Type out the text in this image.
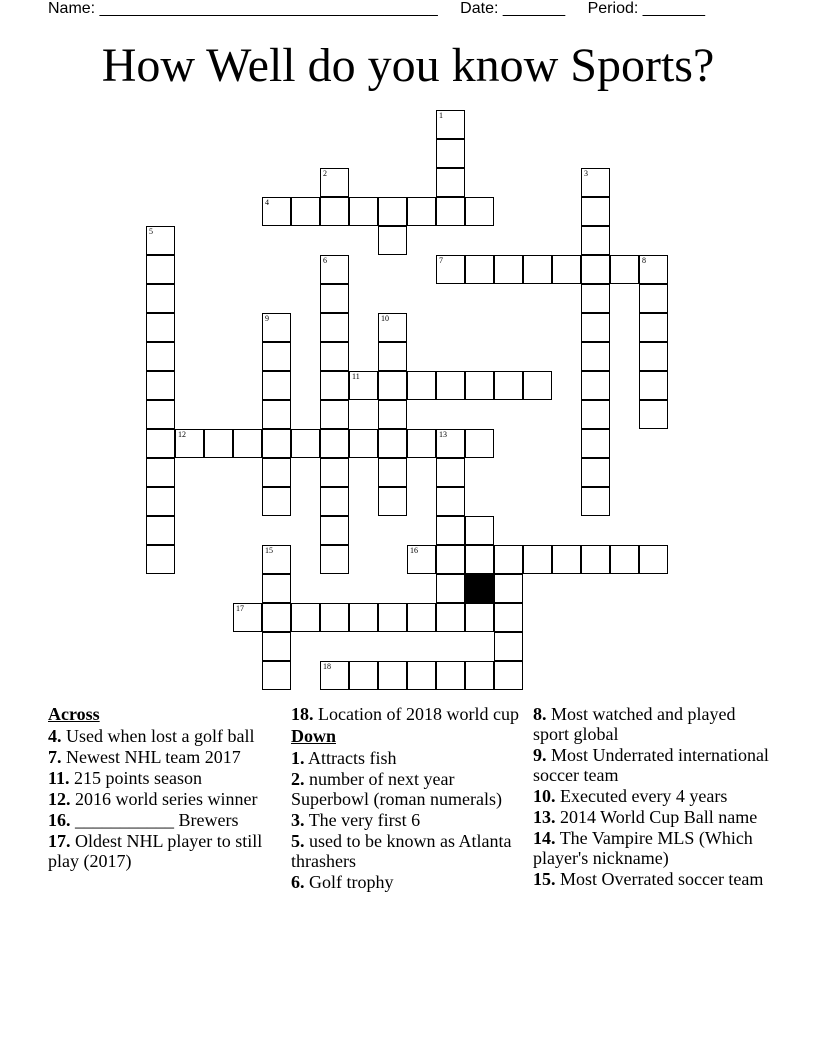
Name: ______________________________________ Date: _______ Period: _______
How Well do you know Sports?
1
2	3
4
5
6	7	8
9	10
11
12	13
15	16
17
18
Across
4. Used when lost a golf ball
7. Newest NHL team 2017
11. 215 points season
12. 2016 world series winner
16. ___________ Brewers
17. Oldest NHL player to still play (2017)
18. Location of 2018 world cup
Down
1. Attracts fish
2. number of next year Superbowl (roman numerals)
3. The very first 6
5. used to be known as Atlanta thrashers
6. Golf trophy
8. Most watched and played sport global
9. Most Underrated international soccer team
10. Executed every 4 years
13. 2014 World Cup Ball name
14. The Vampire MLS (Which player's nickname)
15. Most Overrated soccer team
